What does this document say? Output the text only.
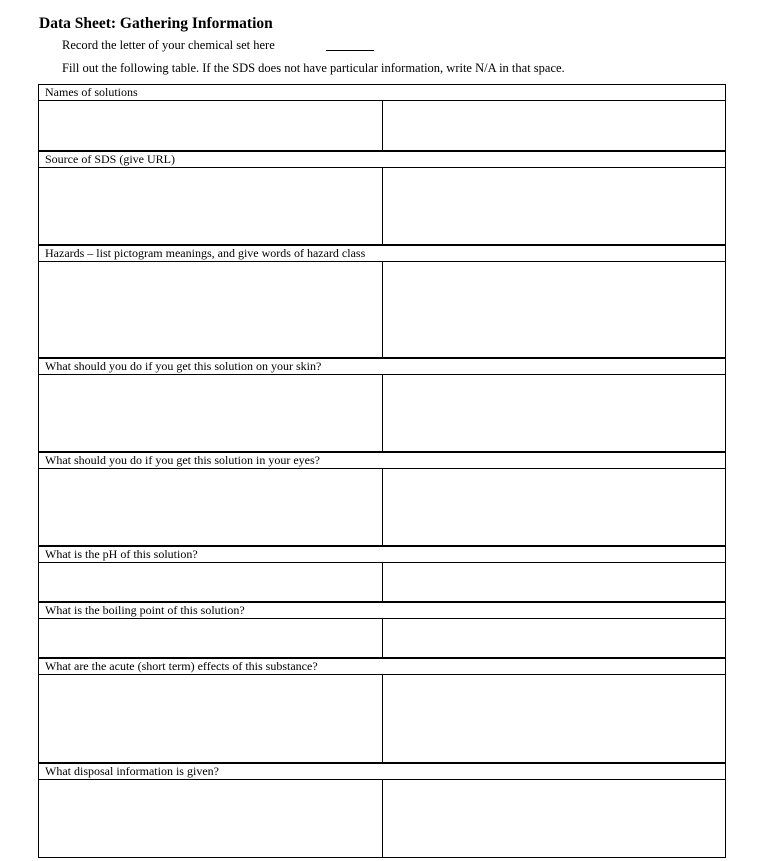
Data Sheet: Gathering Information
Record the letter of your chemical set here
Fill out the following table. If the SDS does not have particular information, write N/A in that space.
Names of solutions
Source of SDS (give URL)
Hazards – list pictogram meanings, and give words of hazard class
What should you do if you get this solution on your skin?
What should you do if you get this solution in your eyes?
What is the pH of this solution?
What is the boiling point of this solution?
What are the acute (short term) effects of this substance?
What disposal information is given?
